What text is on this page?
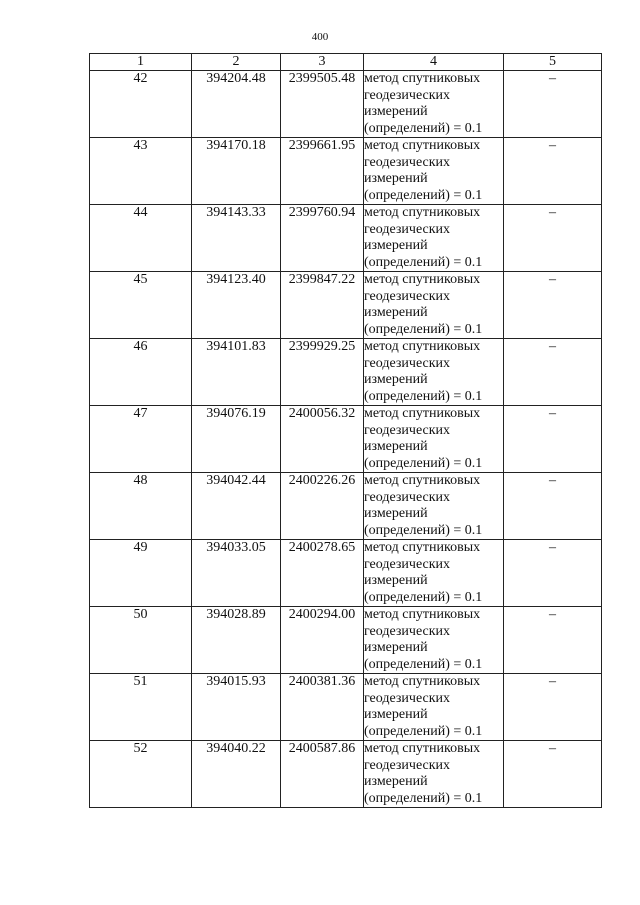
400
1	2	3	4	5
42	394204.48	2399505.48	метод спутниковых
геодезических
измерений
(определений) = 0.1	–
43	394170.18	2399661.95	метод спутниковых
геодезических
измерений
(определений) = 0.1	–
44	394143.33	2399760.94	метод спутниковых
геодезических
измерений
(определений) = 0.1	–
45	394123.40	2399847.22	метод спутниковых
геодезических
измерений
(определений) = 0.1	–
46	394101.83	2399929.25	метод спутниковых
геодезических
измерений
(определений) = 0.1	–
47	394076.19	2400056.32	метод спутниковых
геодезических
измерений
(определений) = 0.1	–
48	394042.44	2400226.26	метод спутниковых
геодезических
измерений
(определений) = 0.1	–
49	394033.05	2400278.65	метод спутниковых
геодезических
измерений
(определений) = 0.1	–
50	394028.89	2400294.00	метод спутниковых
геодезических
измерений
(определений) = 0.1	–
51	394015.93	2400381.36	метод спутниковых
геодезических
измерений
(определений) = 0.1	–
52	394040.22	2400587.86	метод спутниковых
геодезических
измерений
(определений) = 0.1	–
